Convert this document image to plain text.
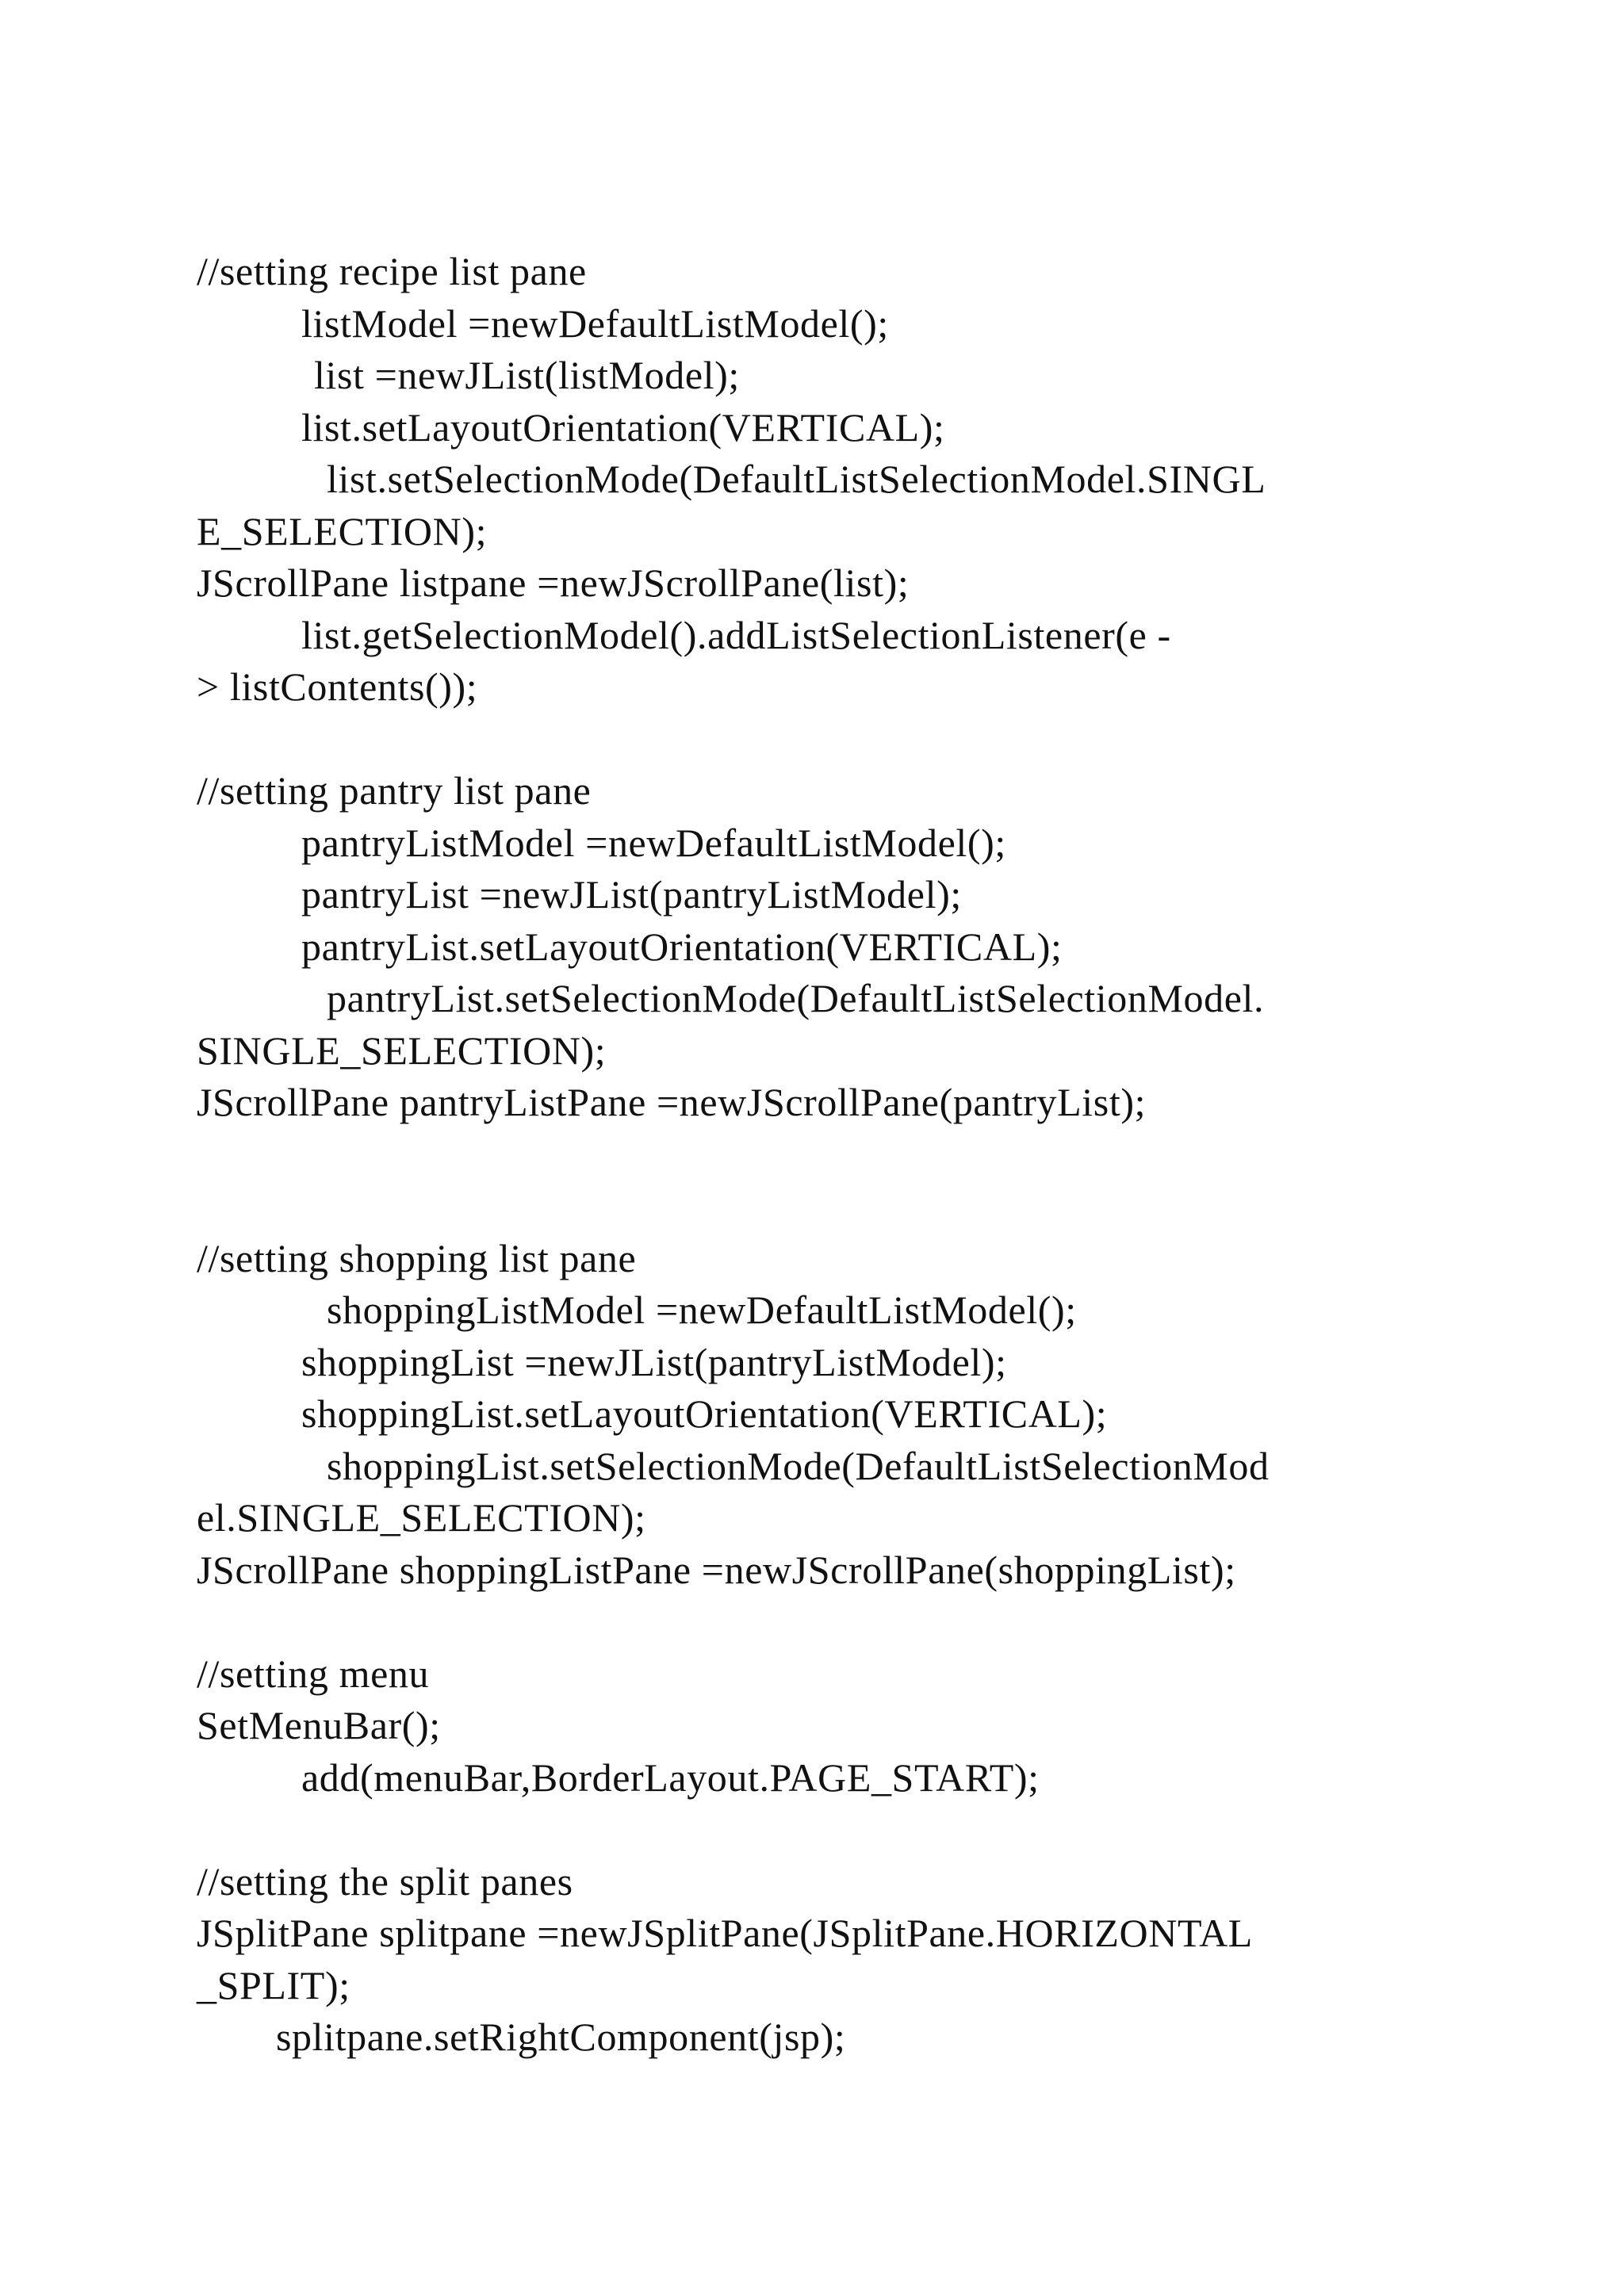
//setting recipe list pane
listModel =newDefaultListModel();
list =newJList(listModel);
list.setLayoutOrientation(VERTICAL);
list.setSelectionMode(DefaultListSelectionModel.SINGL
E_SELECTION);
JScrollPane listpane =newJScrollPane(list);
list.getSelectionModel().addListSelectionListener(e -
> listContents());
//setting pantry list pane
pantryListModel =newDefaultListModel();
pantryList =newJList(pantryListModel);
pantryList.setLayoutOrientation(VERTICAL);
pantryList.setSelectionMode(DefaultListSelectionModel.
SINGLE_SELECTION);
JScrollPane pantryListPane =newJScrollPane(pantryList);
//setting shopping list pane
shoppingListModel =newDefaultListModel();
shoppingList =newJList(pantryListModel);
shoppingList.setLayoutOrientation(VERTICAL);
shoppingList.setSelectionMode(DefaultListSelectionMod
el.SINGLE_SELECTION);
JScrollPane shoppingListPane =newJScrollPane(shoppingList);
//setting menu
SetMenuBar();
add(menuBar,BorderLayout.PAGE_START);
//setting the split panes
JSplitPane splitpane =newJSplitPane(JSplitPane.HORIZONTAL
_SPLIT);
splitpane.setRightComponent(jsp);
